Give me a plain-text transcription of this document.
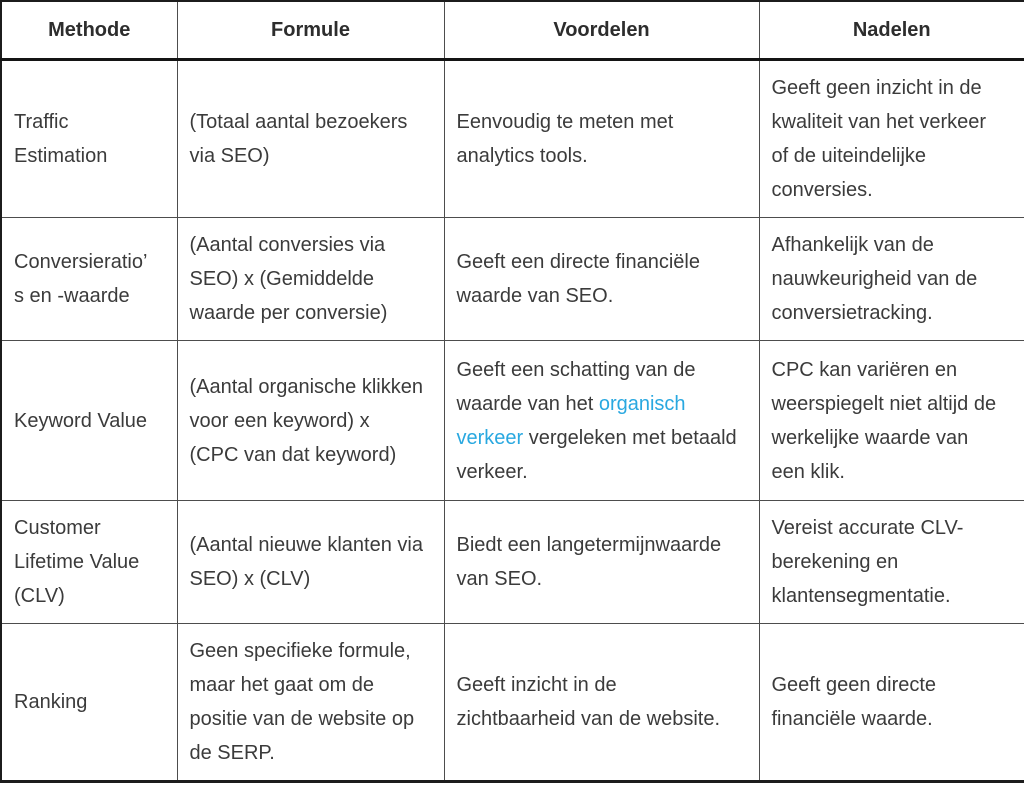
Methode	Formule	Voordelen	Nadelen
Traffic Estimation	(Totaal aantal bezoekers via SEO)	Eenvoudig te meten met analytics tools.	Geeft geen inzicht in de kwaliteit van het verkeer of de uiteindelijke conversies.
Conversieratio’s en -waarde	(Aantal conversies via SEO) x (Gemiddelde waarde per conversie)	Geeft een directe financiële waarde van SEO.	Afhankelijk van de nauwkeurigheid van de conversietracking.
Keyword Value	(Aantal organische klikken voor een keyword) x (CPC van dat keyword)	Geeft een schatting van de waarde van het organisch verkeer vergeleken met betaald verkeer.	CPC kan variëren en weerspiegelt niet altijd de werkelijke waarde van een klik.
Customer Lifetime Value (CLV)	(Aantal nieuwe klanten via SEO) x (CLV)	Biedt een langetermijnwaarde van SEO.	Vereist accurate CLV-berekening en klantensegmentatie.
Ranking	Geen specifieke formule, maar het gaat om de positie van de website op de SERP.	Geeft inzicht in de zichtbaarheid van de website.	Geeft geen directe financiële waarde.
